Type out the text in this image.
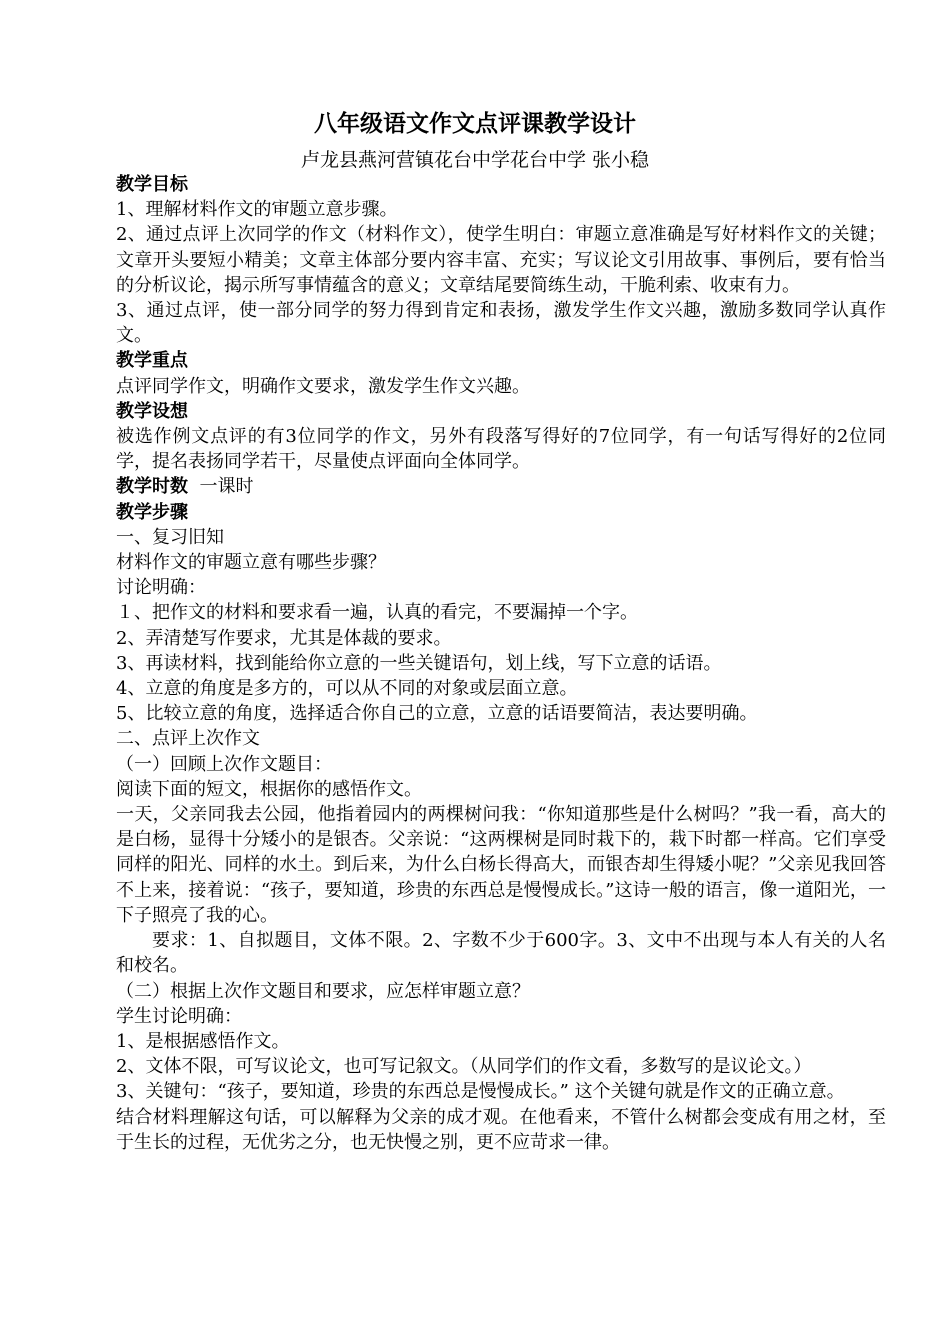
八年级语文作文点评课教学设计
卢龙县燕河营镇花台中学花台中学 张小稳

教学目标

1、理解材料作文的审题立意步骤。

2、通过点评上次同学的作文（材料作文），使学生明白：审题立意准确是写好材料作文的关键；文章开头要短小精美；文章主体部分要内容丰富、充实；写议论文引用故事、事例后，要有恰当的分析议论，揭示所写事情蕴含的意义；文章结尾要简练生动，干脆利索、收束有力。

3、通过点评，使一部分同学的努力得到肯定和表扬，激发学生作文兴趣，激励多数同学认真作文。

教学重点

点评同学作文，明确作文要求，激发学生作文兴趣。

教学设想

被选作例文点评的有3位同学的作文，另外有段落写得好的7位同学，有一句话写得好的2位同学，提名表扬同学若干，尽量使点评面向全体同学。

教学时数  一课时

教学步骤

一、复习旧知

材料作文的审题立意有哪些步骤？

讨论明确：

１、把作文的材料和要求看一遍，认真的看完，不要漏掉一个字。

2、弄清楚写作要求，尤其是体裁的要求。

3、再读材料，找到能给你立意的一些关键语句，划上线，写下立意的话语。

4、立意的角度是多方的，可以从不同的对象或层面立意。

5、比较立意的角度，选择适合你自己的立意，立意的话语要简洁，表达要明确。

二、点评上次作文

（一）回顾上次作文题目：

阅读下面的短文，根据你的感悟作文。

一天，父亲同我去公园，他指着园内的两棵树问我：“你知道那些是什么树吗？”我一看，高大的是白杨，显得十分矮小的是银杏。父亲说：“这两棵树是同时栽下的，栽下时都一样高。它们享受同样的阳光、同样的水土。到后来，为什么白杨长得高大，而银杏却生得矮小呢？”父亲见我回答不上来，接着说：“孩子，要知道，珍贵的东西总是慢慢成长。”这诗一般的语言，像一道阳光，一下子照亮了我的心。

要求：1、自拟题目，文体不限。2、字数不少于600字。3、文中不出现与本人有关的人名和校名。

（二）根据上次作文题目和要求，应怎样审题立意？

学生讨论明确：

1、是根据感悟作文。

2、文体不限，可写议论文，也可写记叙文。（从同学们的作文看，多数写的是议论文。）

3、关键句：“孩子，要知道，珍贵的东西总是慢慢成长。” 这个关键句就是作文的正确立意。

结合材料理解这句话，可以解释为父亲的成才观。在他看来，不管什么树都会变成有用之材，至于生长的过程，无优劣之分，也无快慢之别，更不应苛求一律。
